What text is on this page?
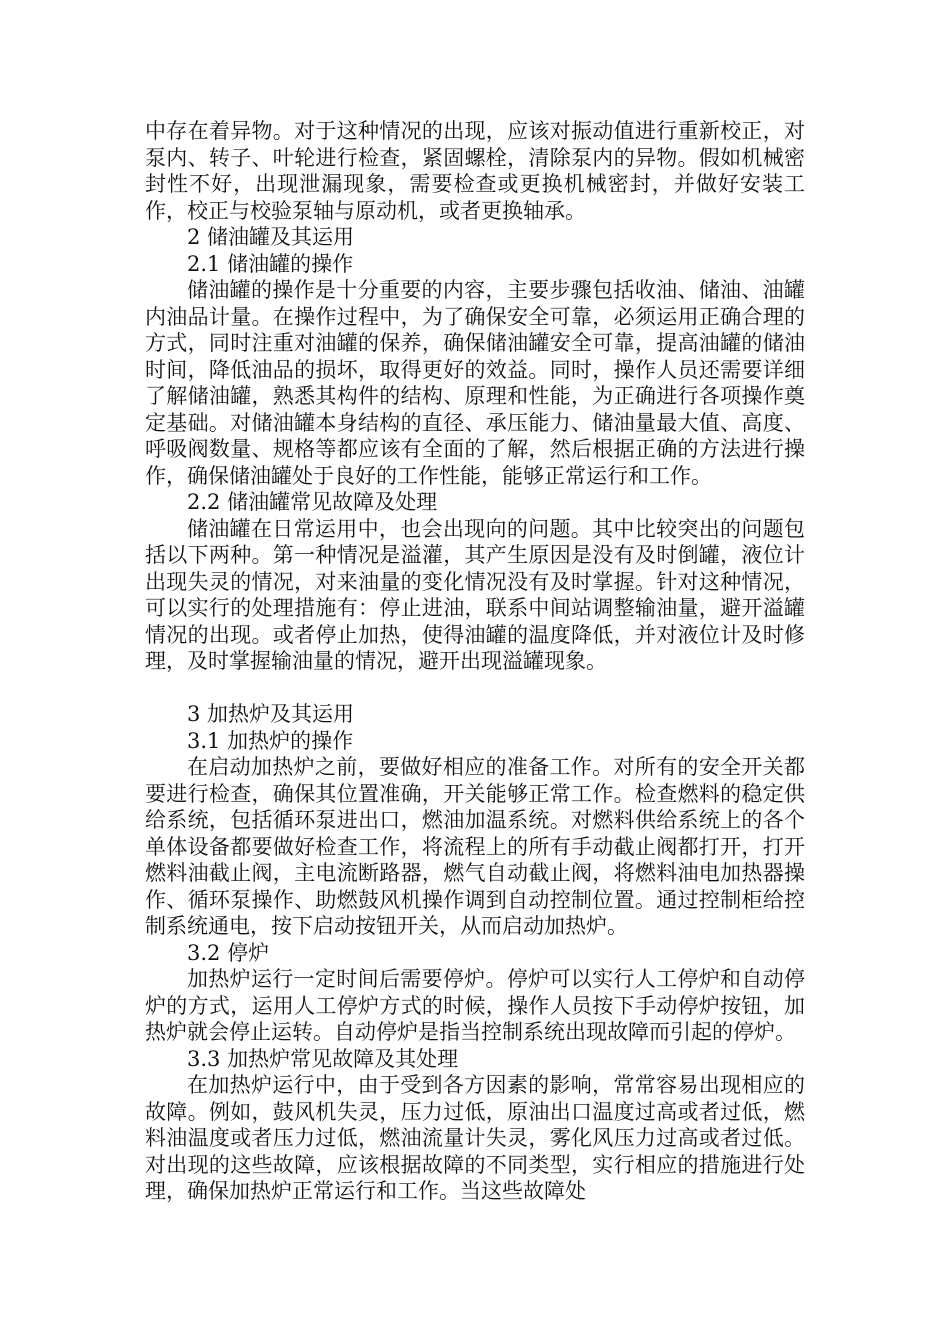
中存在着异物。对于这种情况的出现，应该对振动值进行重新校正，对泵内、转子、叶轮进行检查，紧固螺栓，清除泵内的异物。假如机械密封性不好，出现泄漏现象，需要检查或更换机械密封，并做好安装工作，校正与校验泵轴与原动机，或者更换轴承。

2 储油罐及其运用

2.1 储油罐的操作

储油罐的操作是十分重要的内容，主要步骤包括收油、储油、油罐内油品计量。在操作过程中，为了确保安全可靠，必须运用正确合理的方式，同时注重对油罐的保养，确保储油罐安全可靠，提高油罐的储油时间，降低油品的损坏，取得更好的效益。同时，操作人员还需要详细了解储油罐，熟悉其构件的结构、原理和性能，为正确进行各项操作奠定基础。对储油罐本身结构的直径、承压能力、储油量最大值、高度、呼吸阀数量、规格等都应该有全面的了解，然后根据正确的方法进行操作，确保储油罐处于良好的工作性能，能够正常运行和工作。

2.2 储油罐常见故障及处理

储油罐在日常运用中，也会出现向的问题。其中比较突出的问题包括以下两种。第一种情况是溢灌，其产生原因是没有及时倒罐，液位计出现失灵的情况，对来油量的变化情况没有及时掌握。针对这种情况，可以实行的处理措施有：停止进油，联系中间站调整输油量，避开溢罐情况的出现。或者停止加热，使得油罐的温度降低，并对液位计及时修理，及时掌握输油量的情况，避开出现溢罐现象。

3 加热炉及其运用

3.1 加热炉的操作

在启动加热炉之前，要做好相应的准备工作。对所有的安全开关都要进行检查，确保其位置准确，开关能够正常工作。检查燃料的稳定供给系统，包括循环泵进出口，燃油加温系统。对燃料供给系统上的各个单体设备都要做好检查工作，将流程上的所有手动截止阀都打开，打开燃料油截止阀，主电流断路器，燃气自动截止阀，将燃料油电加热器操作、循环泵操作、助燃鼓风机操作调到自动控制位置。通过控制柜给控制系统通电，按下启动按钮开关，从而启动加热炉。

3.2 停炉

加热炉运行一定时间后需要停炉。停炉可以实行人工停炉和自动停炉的方式，运用人工停炉方式的时候，操作人员按下手动停炉按钮，加热炉就会停止运转。自动停炉是指当控制系统出现故障而引起的停炉。

3.3 加热炉常见故障及其处理

在加热炉运行中，由于受到各方因素的影响，常常容易出现相应的故障。例如，鼓风机失灵，压力过低，原油出口温度过高或者过低，燃料油温度或者压力过低，燃油流量计失灵，雾化风压力过高或者过低。对出现的这些故障，应该根据故障的不同类型，实行相应的措施进行处理，确保加热炉正常运行和工作。当这些故障处
